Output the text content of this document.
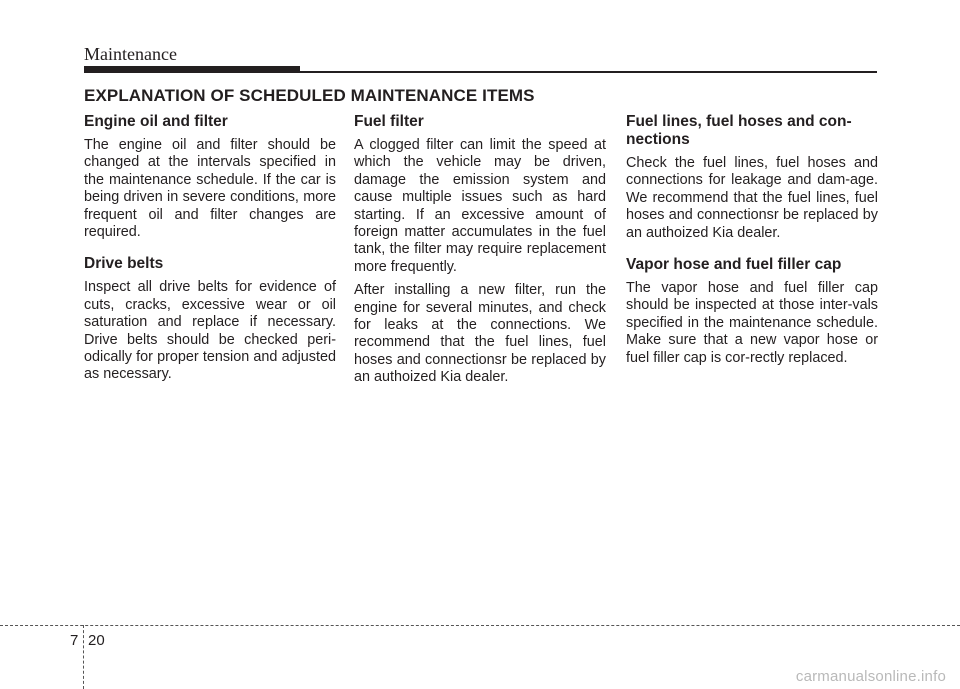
Maintenance
EXPLANATION OF SCHEDULED MAINTENANCE ITEMS
Engine oil and filter

The engine oil and filter should be changed at the intervals specified in the maintenance schedule. If the car is being driven in severe conditions, more frequent oil and filter changes are required.

Drive belts

Inspect all drive belts for evidence of cuts, cracks, excessive wear or oil saturation and replace if necessary. Drive belts should be checked peri-odically for proper tension and adjusted as necessary.

Fuel filter

A clogged filter can limit the speed at which the vehicle may be driven, damage the emission system and cause multiple issues such as hard starting. If an excessive amount of foreign matter accumulates in the fuel tank, the filter may require replacement more frequently.

After installing a new filter, run the engine for several minutes, and check for leaks at the connections. We recommend that the fuel lines, fuel hoses and connectionsr be replaced by an authoized Kia dealer.

Fuel lines, fuel hoses and con-nections

Check the fuel lines, fuel hoses and connections for leakage and dam-age. We recommend that the fuel lines, fuel hoses and connectionsr be replaced by an authoized Kia dealer.

Vapor hose and fuel filler cap

The vapor hose and fuel filler cap should be inspected at those inter-vals specified in the maintenance schedule. Make sure that a new vapor hose or fuel filler cap is cor-rectly replaced.

7 20
carmanualsonline.info
